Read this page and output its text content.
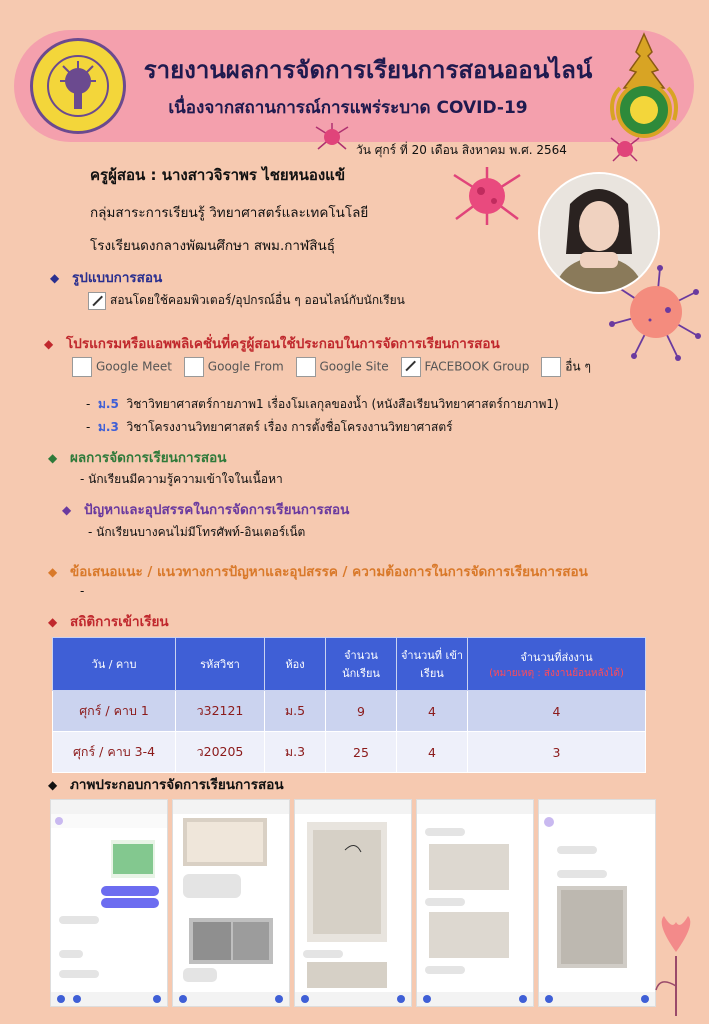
รายงานผลการจัดการเรียนการสอนออนไลน์
เนื่องจากสถานการณ์การแพร่ระบาด COVID-19
วัน ศุกร์ ที่ 20 เดือน สิงหาคม พ.ศ. 2564
ครูผู้สอน : นางสาวจิราพร ไชยหนองแข้
กลุ่มสาระการเรียนรู้ วิทยาศาสตร์และเทคโนโลยี
โรงเรียนดงกลางพัฒนศึกษา สพม.กาฬสินธุ์
◆ รูปแบบการสอน
สอนโดยใช้คอมพิวเตอร์/อุปกรณ์อื่น ๆ ออนไลน์กับนักเรียน
◆ โปรแกรมหรือแอพพลิเคชั่นที่ครูผู้สอนใช้ประกอบในการจัดการเรียนการสอน
Google Meet	Google From	Google Site	FACEBOOK Group	อื่น ๆ
- ม.5 วิชาวิทยาศาสตร์กายภาพ1 เรื่องโมเลกุลของน้ำ (หนังสือเรียนวิทยาศาสตร์กายภาพ1)
- ม.3 วิชาโครงงานวิทยาศาสตร์ เรื่อง การตั้งชื่อโครงงานวิทยาศาสตร์
◆ ผลการจัดการเรียนการสอน
- นักเรียนมีความรู้ความเข้าใจในเนื้อหา
◆ ปัญหาและอุปสรรคในการจัดการเรียนการสอน
- นักเรียนบางคนไม่มีโทรศัพท์-อินเตอร์เน็ต
◆ ข้อเสนอแนะ / แนวทางการปัญหาและอุปสรรค / ความต้องการในการจัดการเรียนการสอน
-
◆ สถิติการเข้าเรียน
วัน / คาบ	รหัสวิชา	ห้อง	จำนวน นักเรียน	จำนวนที่ เข้าเรียน	จำนวนที่ส่งงาน
(หมายเหตุ : ส่งงานย้อนหลังได้)

ศุกร์ / คาบ 1	ว32121	ม.5	9	4	4
ศุกร์ / คาบ 3-4	ว20205	ม.3	25	4	3
◆ ภาพประกอบการจัดการเรียนการสอน
